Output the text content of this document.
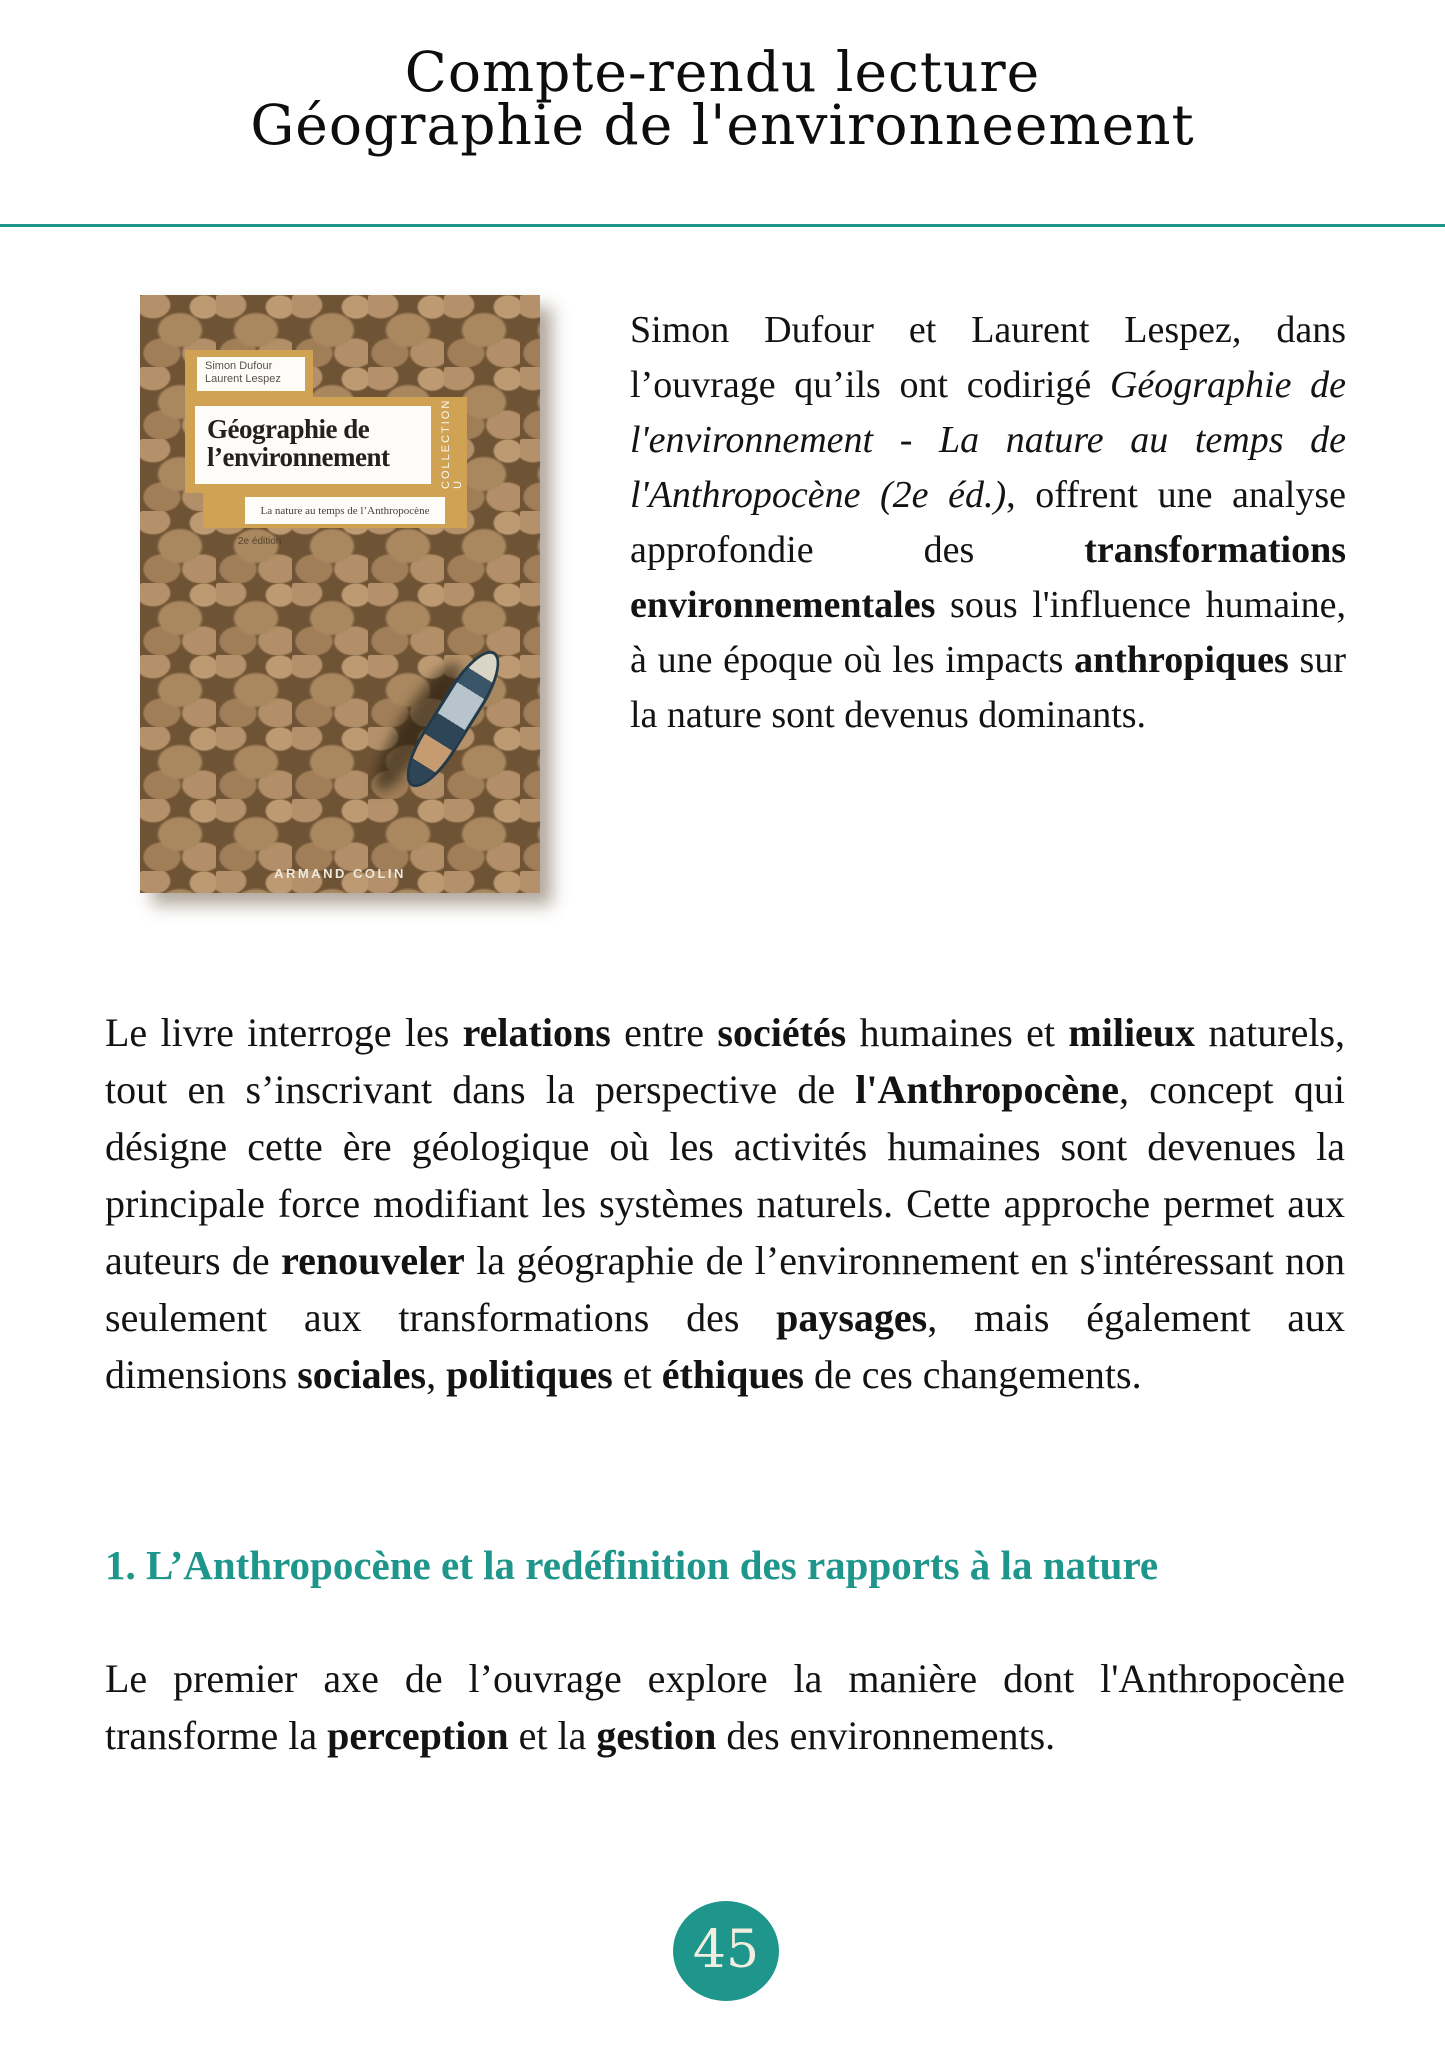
Compte-rendu lecture
Géographie de l'environneement
Simon Dufour
Laurent Lespez
Géographie de
l’environnement	COLLECTION U
La nature au temps de l’Anthropocène
2e édition
ARMAND COLIN
Simon Dufour et Laurent Lespez, dans l’ouvrage qu’ils ont codirigé Géographie de l'environnement - La nature au temps de l'Anthropocène (2e éd.), offrent une analyse approfondie des transformations environnementales sous l'influence humaine, à une époque où les impacts anthropiques sur la nature sont devenus dominants.
Le livre interroge les relations entre sociétés humaines et milieux naturels, tout en s’inscrivant dans la perspective de l'Anthropocène, concept qui désigne cette ère géologique où les activités humaines sont devenues la principale force modifiant les systèmes naturels. Cette approche permet aux auteurs de renouveler la géographie de l’environnement en s'intéressant non seulement aux transformations des paysages, mais également aux dimensions sociales, politiques et éthiques de ces changements.
1. L’Anthropocène et la redéfinition des rapports à la nature
Le premier axe de l’ouvrage explore la manière dont l'Anthropocène transforme la perception et la gestion des environnements.
45
